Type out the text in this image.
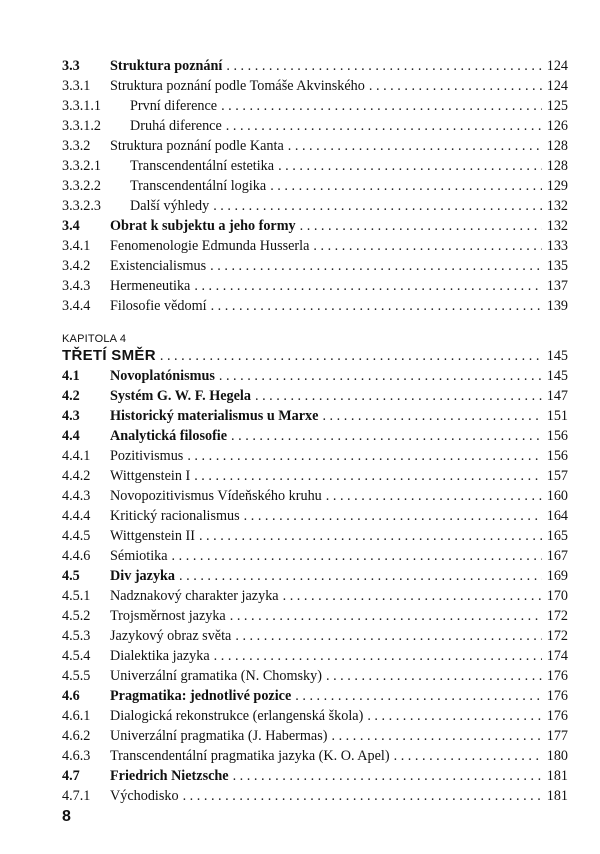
3.3	Struktura poznání . . .	124
3.3.1	Struktura poznání podle Tomáše Akvinského . . .	124
3.3.1.1	První diference . . .	125
3.3.1.2	Druhá diference . . .	126
3.3.2	Struktura poznání podle Kanta . . .	128
3.3.2.1	Transcendentální estetika . . .	128
3.3.2.2	Transcendentální logika . . .	129
3.3.2.3	Další výhledy . . .	132
3.4	Obrat k subjektu a jeho formy . . .	132
3.4.1	Fenomenologie Edmunda Husserla . . .	133
3.4.2	Existencialismus . . .	135
3.4.3	Hermeneutika . . .	137
3.4.4	Filosofie vědomí . . .	139
KAPITOLA 4
TŘETÍ SMĚR . . .	145
4.1	Novoplatónismus . . .	145
4.2	Systém G. W. F. Hegela . . .	147
4.3	Historický materialismus u Marxe . . .	151
4.4	Analytická filosofie . . .	156
4.4.1	Pozitivismus . . .	156
4.4.2	Wittgenstein I . . .	157
4.4.3	Novopozitivismus Vídeňského kruhu . . .	160
4.4.4	Kritický racionalismus . . .	164
4.4.5	Wittgenstein II . . .	165
4.4.6	Sémiotika . . .	167
4.5	Div jazyka . . .	169
4.5.1	Nadznakový charakter jazyka . . .	170
4.5.2	Trojsměrnost jazyka . . .	172
4.5.3	Jazykový obraz světa . . .	172
4.5.4	Dialektika jazyka . . .	174
4.5.5	Univerzální gramatika (N. Chomsky) . . .	176
4.6	Pragmatika: jednotlivé pozice . . .	176
4.6.1	Dialogická rekonstrukce (erlangenská škola) . . .	176
4.6.2	Univerzální pragmatika (J. Habermas) . . .	177
4.6.3	Transcendentální pragmatika jazyka (K. O. Apel) . . .	180
4.7	Friedrich Nietzsche . . .	181
4.7.1	Východisko . . .	181
8
